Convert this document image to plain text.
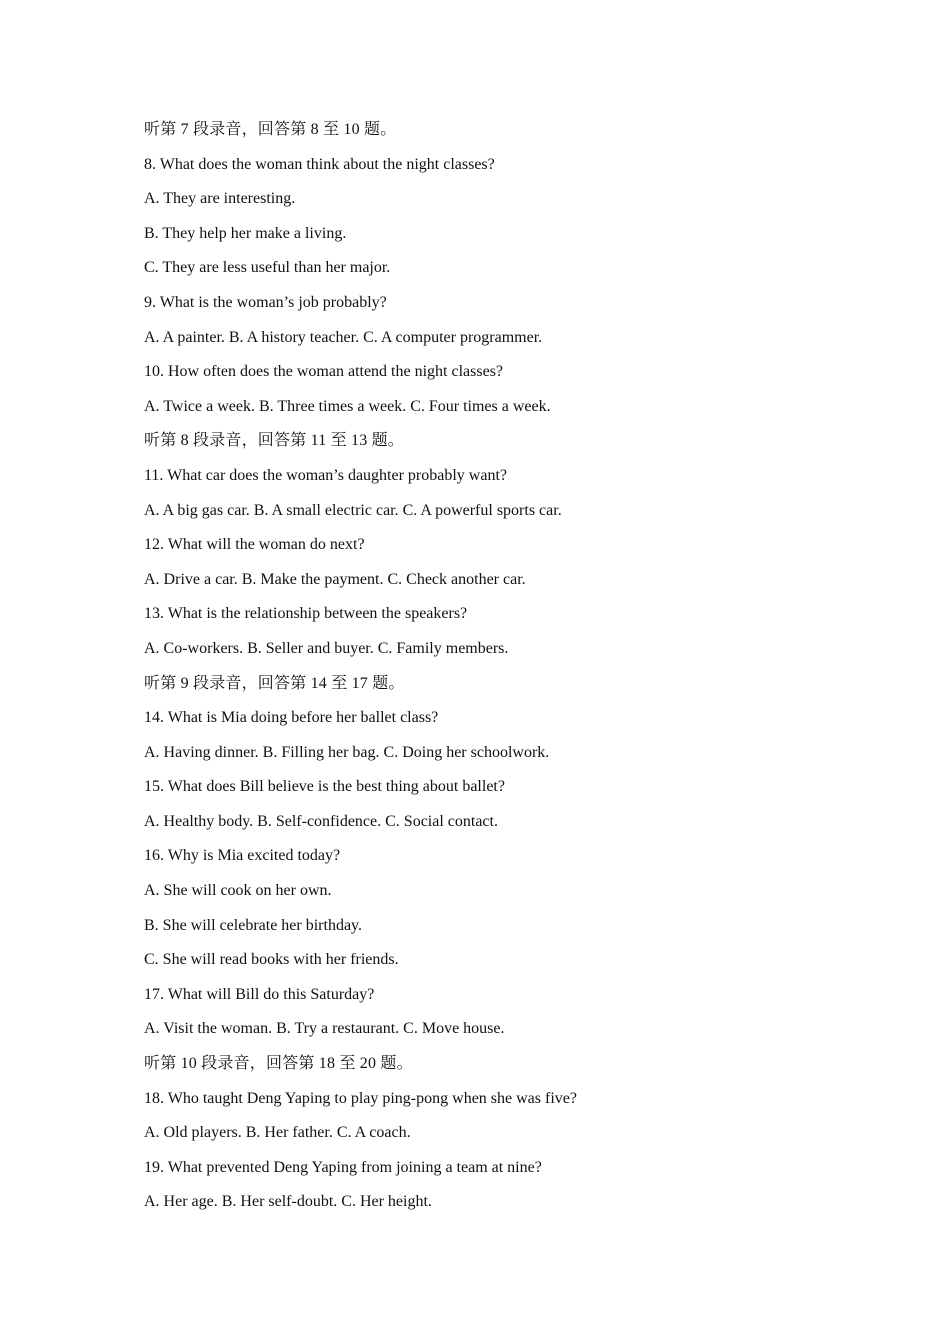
听第 7 段录音，回答第 8 至 10 题。
8. What does the woman think about the night classes?
A. They are interesting.
B. They help her make a living.
C. They are less useful than her major.
9. What is the woman’s job probably?
A. A painter. B. A history teacher. C. A computer programmer.
10. How often does the woman attend the night classes?
A. Twice a week. B. Three times a week. C. Four times a week.
听第 8 段录音，回答第 11 至 13 题。
11. What car does the woman’s daughter probably want?
A. A big gas car. B. A small electric car. C. A powerful sports car.
12. What will the woman do next?
A. Drive a car. B. Make the payment. C. Check another car.
13. What is the relationship between the speakers?
A. Co-workers. B. Seller and buyer. C. Family members.
听第 9 段录音，回答第 14 至 17 题。
14. What is Mia doing before her ballet class?
A. Having dinner. B. Filling her bag. C. Doing her schoolwork.
15. What does Bill believe is the best thing about ballet?
A. Healthy body. B. Self-confidence. C. Social contact.
16. Why is Mia excited today?
A. She will cook on her own.
B. She will celebrate her birthday.
C. She will read books with her friends.
17. What will Bill do this Saturday?
A. Visit the woman. B. Try a restaurant. C. Move house.
听第 10 段录音，回答第 18 至 20 题。
18. Who taught Deng Yaping to play ping-pong when she was five?
A. Old players. B. Her father. C. A coach.
19. What prevented Deng Yaping from joining a team at nine?
A. Her age. B. Her self-doubt. C. Her height.
